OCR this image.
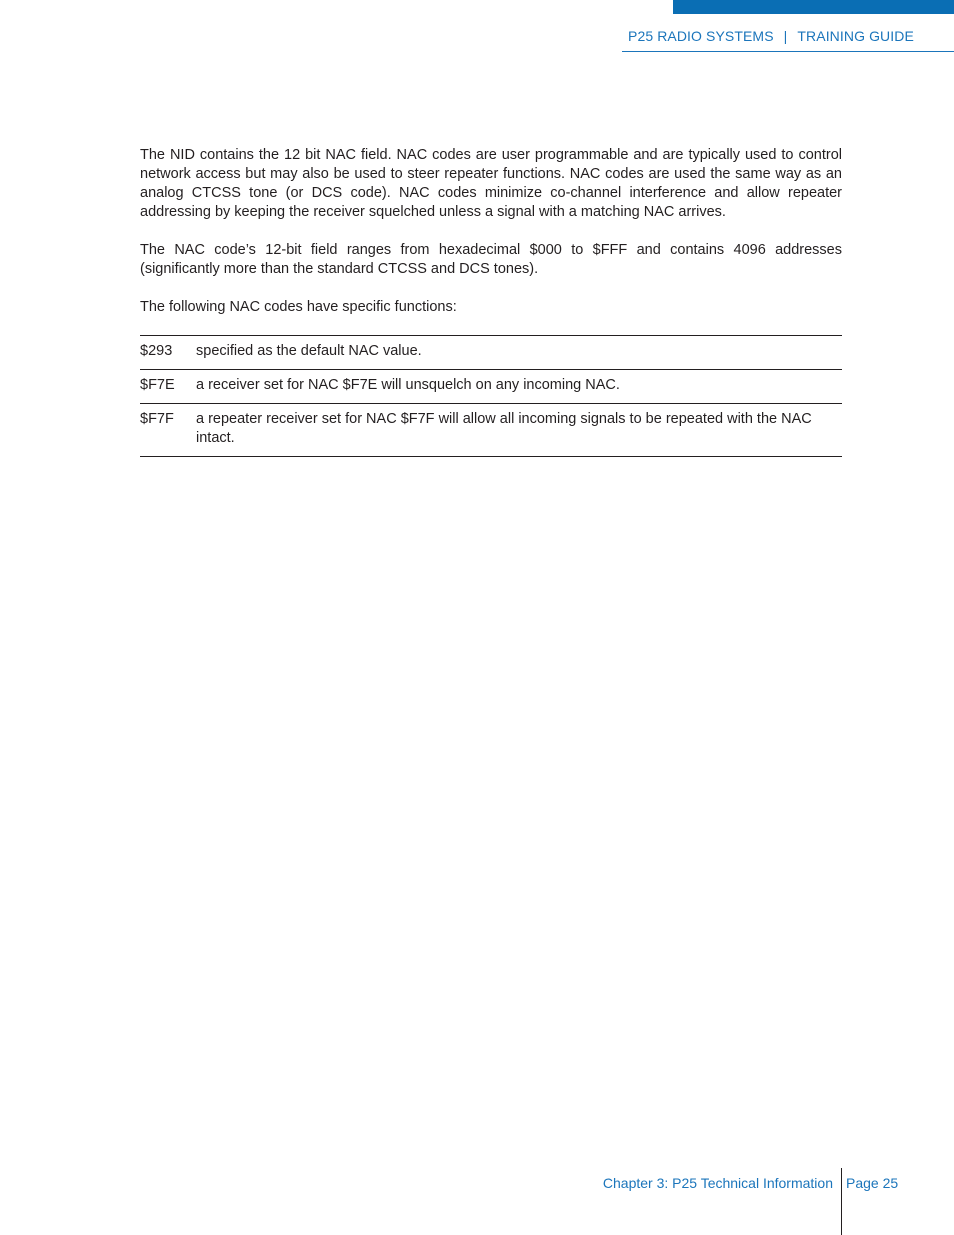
P25 RADIO SYSTEMS | TRAINING GUIDE

The NID contains the 12 bit NAC field. NAC codes are user programmable and are typically used to control network access but may also be used to steer repeater functions. NAC codes are used the same way as an analog CTCSS tone (or DCS code). NAC codes minimize co-channel interference and allow repeater addressing by keeping the receiver squelched unless a signal with a matching NAC arrives.

The NAC code’s 12-bit field ranges from hexadecimal $000 to $FFF and contains 4096 addresses (significantly more than the standard CTCSS and DCS tones).

The following NAC codes have specific functions:

$293	specified as the default NAC value.
$F7E	a receiver set for NAC $F7E will unsquelch on any incoming NAC.
$F7F	a repeater receiver set for NAC $F7F will allow all incoming signals to be repeated with the NAC intact.
Chapter 3: P25 Technical Information Page 25
